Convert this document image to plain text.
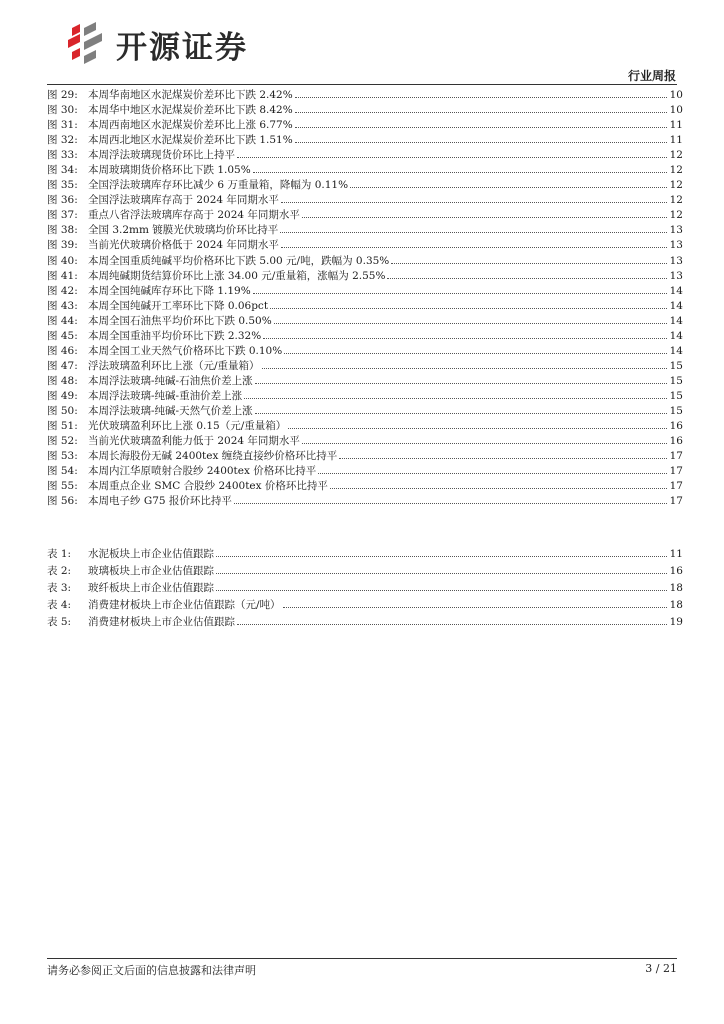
开源证券
行业周报
图 29: 本周华南地区水泥煤炭价差环比下跌 2.42%	10
图 30: 本周华中地区水泥煤炭价差环比下跌 8.42%	10
图 31: 本周西南地区水泥煤炭价差环比上涨 6.77%	11
图 32: 本周西北地区水泥煤炭价差环比下跌 1.51%	11
图 33: 本周浮法玻璃现货价环比上持平	12
图 34: 本周玻璃期货价格环比下跌 1.05%	12
图 35: 全国浮法玻璃库存环比减少 6 万重量箱，降幅为 0.11%	12
图 36: 全国浮法玻璃库存高于 2024 年同期水平	12
图 37: 重点八省浮法玻璃库存高于 2024 年同期水平	12
图 38: 全国 3.2mm 镀膜光伏玻璃均价环比持平	13
图 39: 当前光伏玻璃价格低于 2024 年同期水平	13
图 40: 本周全国重质纯碱平均价格环比下跌 5.00 元/吨，跌幅为 0.35%	13
图 41: 本周纯碱期货结算价环比上涨 34.00 元/重量箱，涨幅为 2.55%	13
图 42: 本周全国纯碱库存环比下降 1.19%	14
图 43: 本周全国纯碱开工率环比下降 0.06pct	14
图 44: 本周全国石油焦平均价环比下跌 0.50%	14
图 45: 本周全国重油平均价环比下跌 2.32%	14
图 46: 本周全国工业天然气价格环比下跌 0.10%	14
图 47: 浮法玻璃盈利环比上涨（元/重量箱）	15
图 48: 本周浮法玻璃-纯碱-石油焦价差上涨	15
图 49: 本周浮法玻璃-纯碱-重油价差上涨	15
图 50: 本周浮法玻璃-纯碱-天然气价差上涨	15
图 51: 光伏玻璃盈利环比上涨 0.15（元/重量箱）	16
图 52: 当前光伏玻璃盈利能力低于 2024 年同期水平	16
图 53: 本周长海股份无碱 2400tex 缠绕直接纱价格环比持平	17
图 54: 本周内江华原喷射合股纱 2400tex 价格环比持平	17
图 55: 本周重点企业 SMC 合股纱 2400tex 价格环比持平	17
图 56: 本周电子纱 G75 报价环比持平	17
表 1:	水泥板块上市企业估值跟踪	11
表 2:	玻璃板块上市企业估值跟踪	16
表 3:	玻纤板块上市企业估值跟踪	18
表 4:	消费建材板块上市企业估值跟踪（元/吨）	18
表 5:	消费建材板块上市企业估值跟踪	19
请务必参阅正文后面的信息披露和法律声明	3 / 21
